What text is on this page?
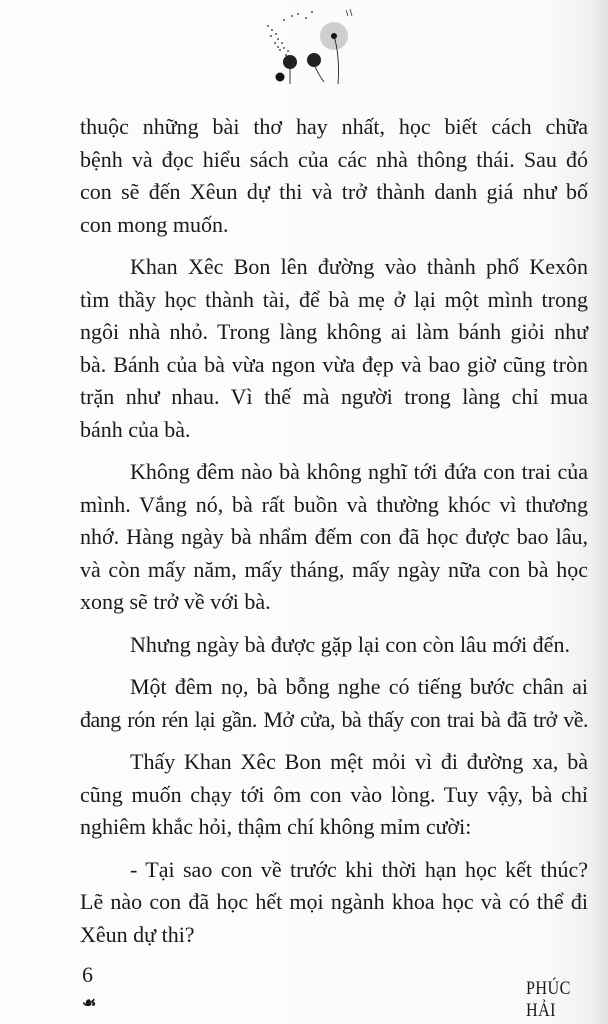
thuộc những bài thơ hay nhất, học biết cách chữa
bệnh và đọc hiểu sách của các nhà thông thái. Sau đó
con sẽ đến Xêun dự thi và trở thành danh giá như bố
con mong muốn.
Khan Xêc Bon lên đường vào thành phố Kexôn
tìm thầy học thành tài, để bà mẹ ở lại một mình trong
ngôi nhà nhỏ. Trong làng không ai làm bánh giỏi như
bà. Bánh của bà vừa ngon vừa đẹp và bao giờ cũng tròn
trặn như nhau. Vì thế mà người trong làng chỉ mua
bánh của bà.
Không đêm nào bà không nghĩ tới đứa con trai của
mình. Vắng nó, bà rất buồn và thường khóc vì thương
nhớ. Hàng ngày bà nhẩm đếm con đã học được bao lâu,
và còn mấy năm, mấy tháng, mấy ngày nữa con bà học
xong sẽ trở về với bà.
Nhưng ngày bà được gặp lại con còn lâu mới đến.
Một đêm nọ, bà bỗng nghe có tiếng bước chân ai
đang rón rén lại gần. Mở cửa, bà thấy con trai bà đã trở về.
Thấy Khan Xêc Bon mệt mỏi vì đi đường xa, bà
cũng muốn chạy tới ôm con vào lòng. Tuy vậy, bà chỉ
nghiêm khắc hỏi, thậm chí không mỉm cười:
- Tại sao con về trước khi thời hạn học kết thúc?
Lẽ nào con đã học hết mọi ngành khoa học và có thể đi
Xêun dự thi?
6
☙
PHÚC HẢI
